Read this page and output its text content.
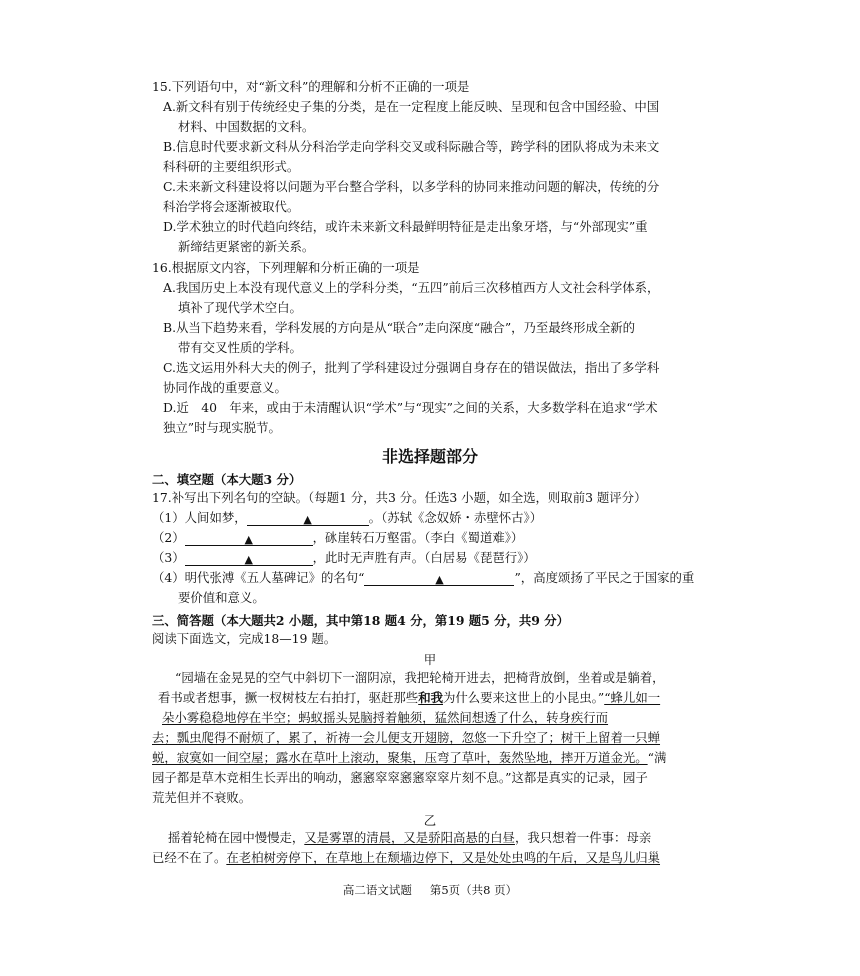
15.下列语句中，对“新文科”的理解和分析不正确的一项是
A.新文科有别于传统经史子集的分类，是在一定程度上能反映、呈现和包含中国经验、中国
材料、中国数据的文科。
B.信息时代要求新文科从分科治学走向学科交叉或科际融合等，跨学科的团队将成为未来文
科科研的主要组织形式。
C.未来新文科建设将以问题为平台整合学科，以多学科的协同来推动问题的解决，传统的分
科治学将会逐渐被取代。
D.学术独立的时代趋向终结，或许未来新文科最鲜明特征是走出象牙塔，与“外部现实”重
新缔结更紧密的新关系。
16.根据原文内容，下列理解和分析正确的一项是
A.我国历史上本没有现代意义上的学科分类，“五四”前后三次移植西方人文社会科学体系，
填补了现代学术空白。
B.从当下趋势来看，学科发展的方向是从“联合”走向深度“融合”，乃至最终形成全新的
带有交叉性质的学科。
C.选文运用外科大夫的例子，批判了学科建设过分强调自身存在的错误做法，指出了多学科
协同作战的重要意义。
D.近　40　年来，或由于未清醒认识“学术”与“现实”之间的关系，大多数学科在追求“学术
独立”时与现实脱节。
非选择题部分
二、填空题（本大题3 分）
17.补写出下列名句的空缺。（每题1 分，共3 分。任选3 小题，如全选，则取前3 题评分）
（1）人间如梦，	▲	。（苏轼《念奴娇・赤壁怀古》）
（2）	▲	，砯崖转石万壑雷。（李白《蜀道难》）
（3）	▲	，此时无声胜有声。（白居易《琵琶行》）
（4）明代张溥《五人墓碑记》的名句“	▲	”，高度颂扬了平民之于国家的重
要价值和意义。
三、简答题（本大题共2 小题，其中第18 题4 分，第19 题5 分，共9 分）
阅读下面选文，完成18—19 题。
甲
“园墙在金晃晃的空气中斜切下一溜阴凉，我把轮椅开进去，把椅背放倒，坐着或是躺着，
看书或者想事，撅一杈树枝左右拍打，驱赶那些和我为什么要来这世上的小昆虫。”“蜂儿如一
朵小雾稳稳地停在半空；蚂蚁摇头晃脑捋着触须，猛然间想透了什么，转身疾行而
去；瓢虫爬得不耐烦了，累了，祈祷一会儿便支开翅膀，忽悠一下升空了；树干上留着一只蝉
蜕，寂寞如一间空屋；露水在草叶上滚动，聚集，压弯了草叶，轰然坠地，摔开万道金光。“满
园子都是草木竞相生长弄出的响动，窸窸窣窣窸窸窣窣片刻不息。”这都是真实的记录，园子
荒芜但并不衰败。
乙
摇着轮椅在园中慢慢走，又是雾罩的清晨，又是骄阳高悬的白昼，我只想着一件事：母亲
已经不在了。在老柏树旁停下，在草地上在颓墙边停下，又是处处虫鸣的午后，又是鸟儿归巢
高二语文试题 第5页（共8 页）
